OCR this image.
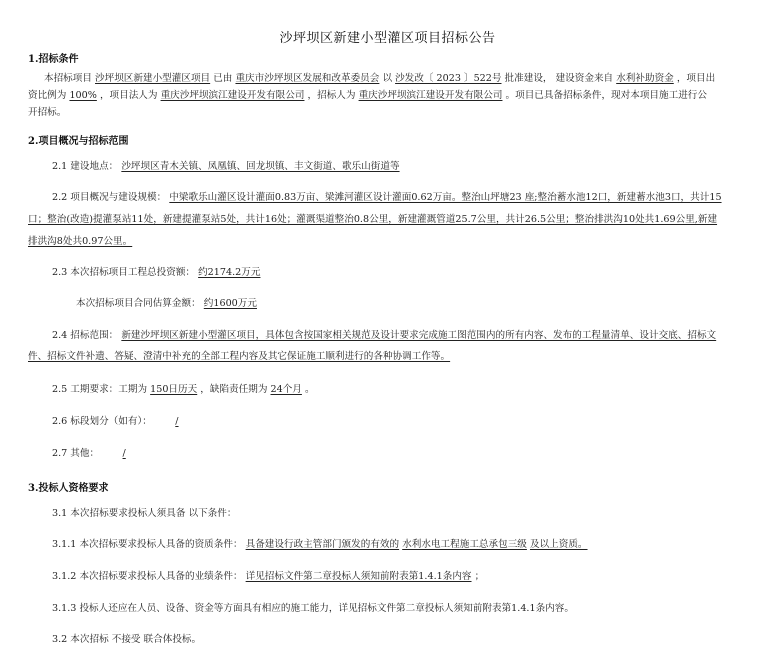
沙坪坝区新建小型灌区项目招标公告
1.招标条件
本招标项目 沙坪坝区新建小型灌区项目 已由 重庆市沙坪坝区发展和改革委员会 以 沙发改〔 2023 〕522号 批准建设， 建设资金来自 水利补助资金 ，项目出
资比例为 100% ，项目法人为 重庆沙坪坝滨江建设开发有限公司 ，招标人为 重庆沙坪坝滨江建设开发有限公司 。项目已具备招标条件，现对本项目施工进行公
开招标。
2.项目概况与招标范围
2.1 建设地点： 沙坪坝区青木关镇、凤凰镇、回龙坝镇、丰文街道、歌乐山街道等
2.2 项目概况与建设规模： 中梁歌乐山灌区设计灌面0.83万亩、梁滩河灌区设计灌面0.62万亩。整治山坪塘23 座;整治蓄水池12口，新建蓄水池3口，共计15
口；整治(改造)提灌泵站11处，新建提灌泵站5处，共计16处；灌溉渠道整治0.8公里，新建灌溉管道25.7公里，共计26.5公里；整治排洪沟10处共1.69公里,新建
排洪沟8处共0.97公里。
2.3 本次招标项目工程总投资额： 约2174.2万元
本次招标项目合同估算金额： 约1600万元
2.4 招标范围： 新建沙坪坝区新建小型灌区项目，具体包含按国家相关规范及设计要求完成施工图范围内的所有内容、发布的工程量清单、设计交底、招标文
件、招标文件补遗、答疑、澄清中补充的全部工程内容及其它保证施工顺利进行的各种协调工作等。
2.5 工期要求：工期为 150日历天 ，缺陷责任期为 24个月 。
2.6 标段划分（如有）： /
2.7 其他： /
3.投标人资格要求
3.1 本次招标要求投标人须具备 以下条件：
3.1.1 本次招标要求投标人具备的资质条件： 具备建设行政主管部门颁发的有效的 水利水电工程施工总承包三级 及以上资质。
3.1.2 本次招标要求投标人具备的业绩条件： 详见招标文件第二章投标人须知前附表第1.4.1条内容 ；
3.1.3 投标人还应在人员、设备、资金等方面具有相应的施工能力，详见招标文件第二章投标人须知前附表第1.4.1条内容。
3.2 本次招标 不接受 联合体投标。
